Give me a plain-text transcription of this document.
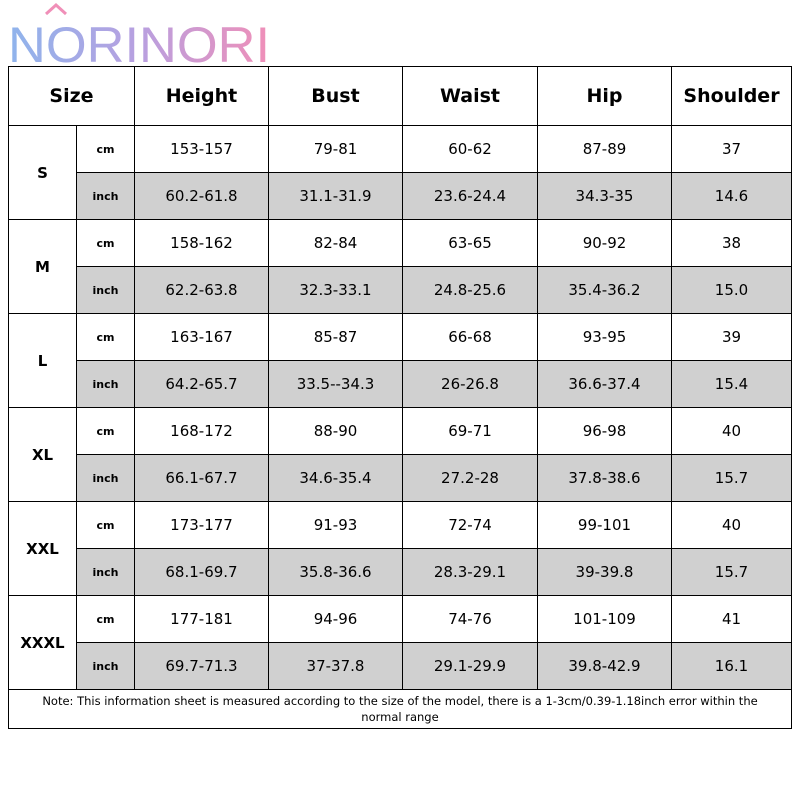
NORINORI
Size		Height	Bust	Waist	Hip	Shoulder
S	cm	153-157	79-81	60-62	87-89	37
	inch	60.2-61.8	31.1-31.9	23.6-24.4	34.3-35	14.6
M	cm	158-162	82-84	63-65	90-92	38
	inch	62.2-63.8	32.3-33.1	24.8-25.6	35.4-36.2	15.0
L	cm	163-167	85-87	66-68	93-95	39
	inch	64.2-65.7	33.5--34.3	26-26.8	36.6-37.4	15.4
XL	cm	168-172	88-90	69-71	96-98	40
	inch	66.1-67.7	34.6-35.4	27.2-28	37.8-38.6	15.7
XXL	cm	173-177	91-93	72-74	99-101	40
	inch	68.1-69.7	35.8-36.6	28.3-29.1	39-39.8	15.7
XXXL	cm	177-181	94-96	74-76	101-109	41
	inch	69.7-71.3	37-37.8	29.1-29.9	39.8-42.9	16.1
Note: This information sheet is measured according to the size of the model, there is a 1-3cm/0.39-1.18inch error within the normal range						
